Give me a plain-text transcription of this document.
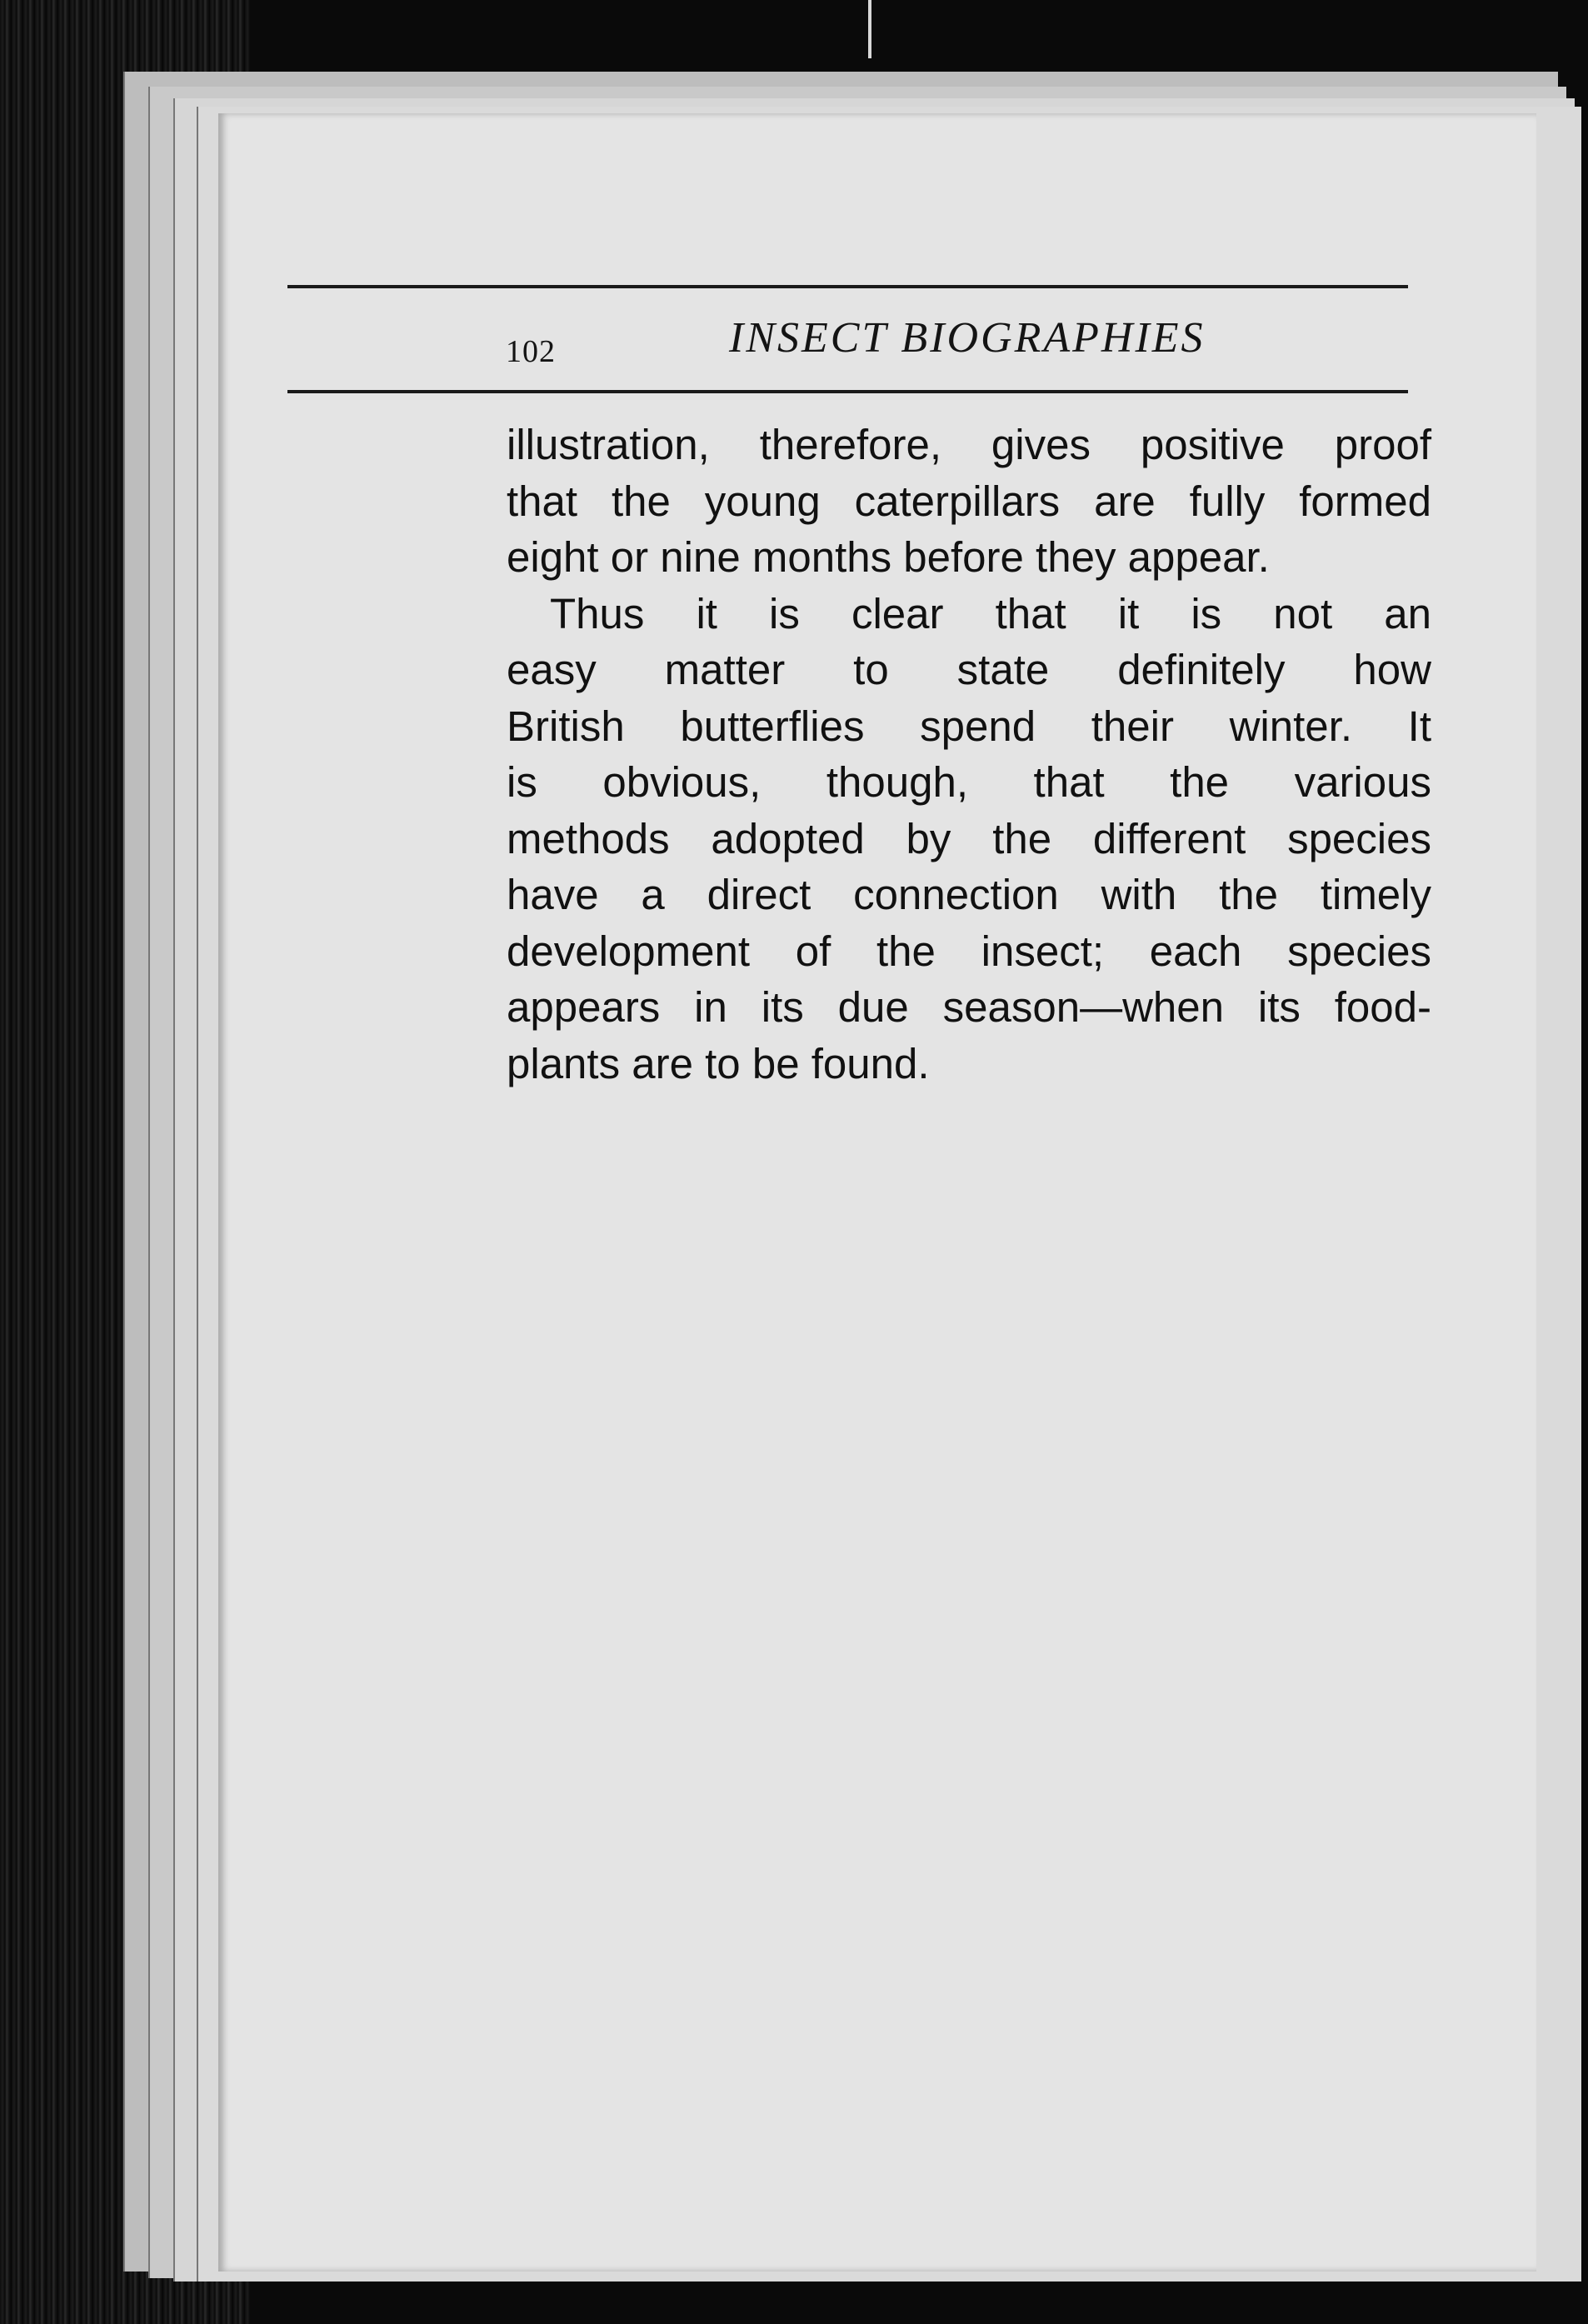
102	INSECT BIOGRAPHIES
illustration, therefore, gives positive proof
that the young caterpillars are fully formed
eight or nine months before they appear.
Thus it is clear that it is not an
easy matter to state definitely how
British butterflies spend their winter. It
is obvious, though, that the various
methods adopted by the different species
have a direct connection with the timely
development of the insect; each species
appears in its due season—when its food-
plants are to be found.
